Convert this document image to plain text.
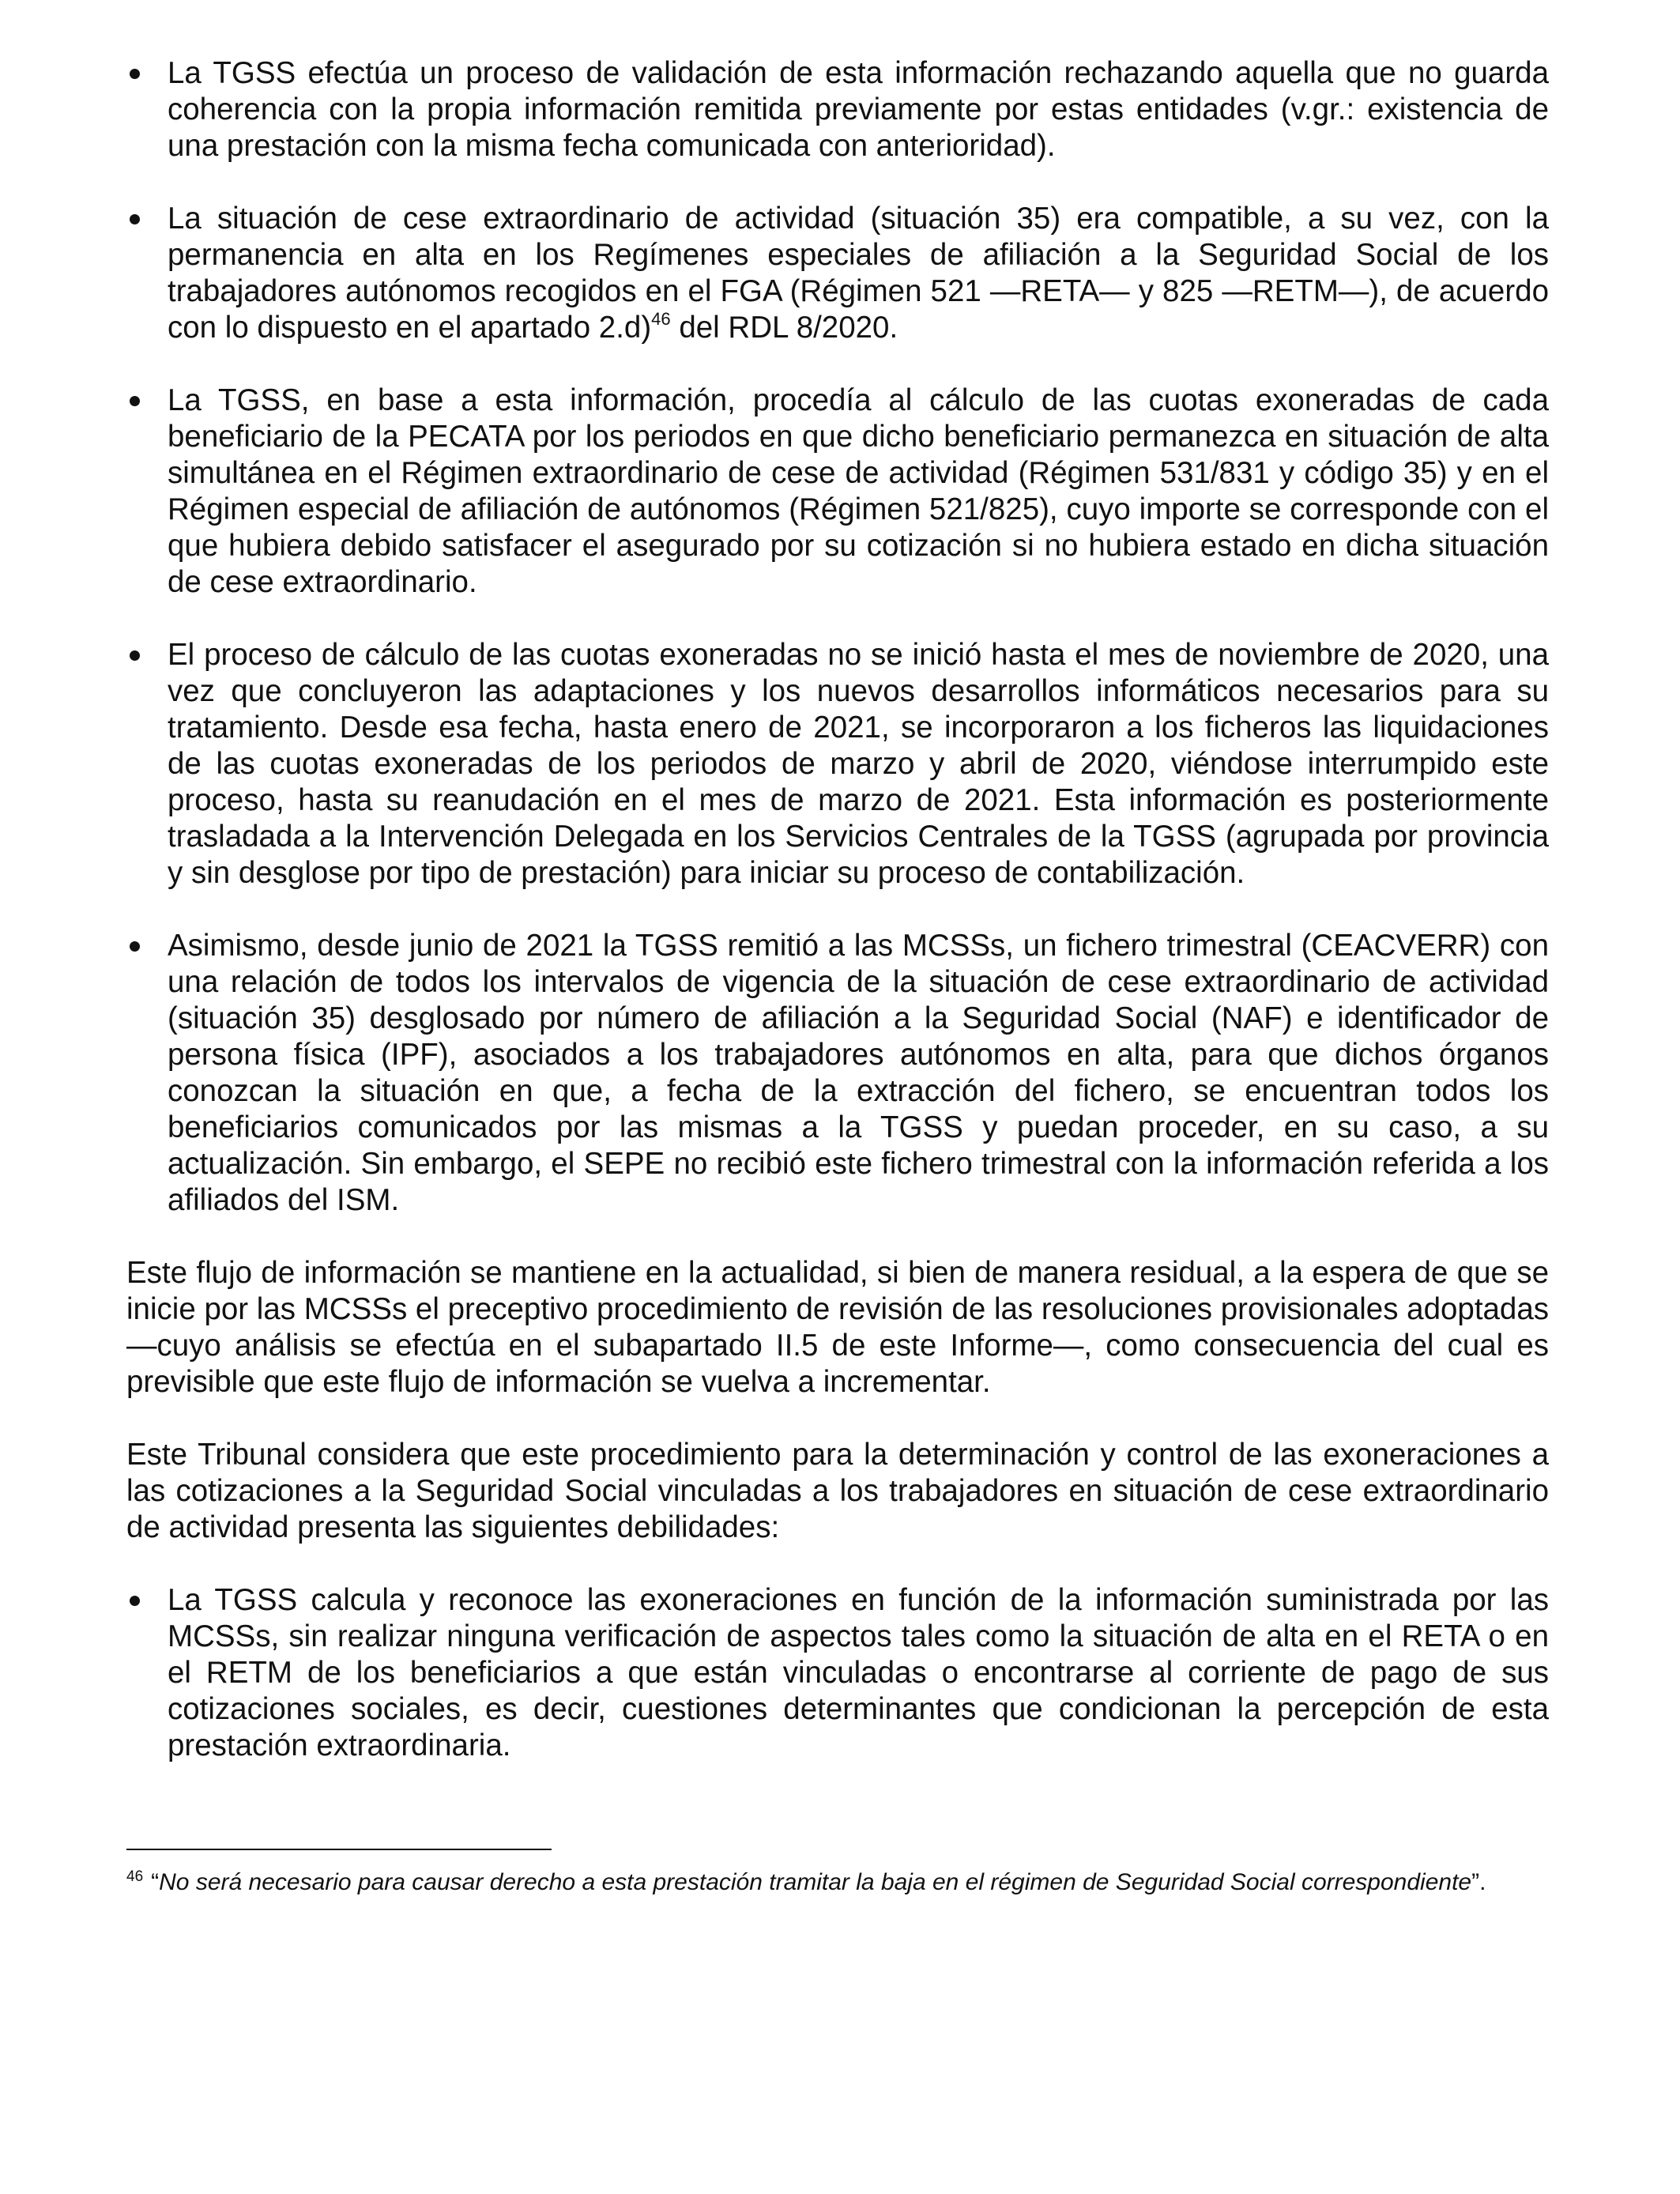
La TGSS efectúa un proceso de validación de esta información rechazando aquella que no guarda coherencia con la propia información remitida previamente por estas entidades (v.gr.: existencia de una prestación con la misma fecha comunicada con anterioridad).

La situación de cese extraordinario de actividad (situación 35) era compatible, a su vez, con la permanencia en alta en los Regímenes especiales de afiliación a la Seguridad Social de los trabajadores autónomos recogidos en el FGA (Régimen 521 —RETA— y 825 —RETM—), de acuerdo con lo dispuesto en el apartado 2.d)$^{46}$ del RDL 8/2020.

La TGSS, en base a esta información, procedía al cálculo de las cuotas exoneradas de cada beneficiario de la PECATA por los periodos en que dicho beneficiario permanezca en situación de alta simultánea en el Régimen extraordinario de cese de actividad (Régimen 531/831 y código 35) y en el Régimen especial de afiliación de autónomos (Régimen 521/825), cuyo importe se corresponde con el que hubiera debido satisfacer el asegurado por su cotización si no hubiera estado en dicha situación de cese extraordinario.

El proceso de cálculo de las cuotas exoneradas no se inició hasta el mes de noviembre de 2020, una vez que concluyeron las adaptaciones y los nuevos desarrollos informáticos necesarios para su tratamiento. Desde esa fecha, hasta enero de 2021, se incorporaron a los ficheros las liquidaciones de las cuotas exoneradas de los periodos de marzo y abril de 2020, viéndose interrumpido este proceso, hasta su reanudación en el mes de marzo de 2021. Esta información es posteriormente trasladada a la Intervención Delegada en los Servicios Centrales de la TGSS (agrupada por provincia y sin desglose por tipo de prestación) para iniciar su proceso de contabilización.

Asimismo, desde junio de 2021 la TGSS remitió a las MCSSs, un fichero trimestral (CEACVERR) con una relación de todos los intervalos de vigencia de la situación de cese extraordinario de actividad (situación 35) desglosado por número de afiliación a la Seguridad Social (NAF) e identificador de persona física (IPF), asociados a los trabajadores autónomos en alta, para que dichos órganos conozcan la situación en que, a fecha de la extracción del fichero, se encuentran todos los beneficiarios comunicados por las mismas a la TGSS y puedan proceder, en su caso, a su actualización. Sin embargo, el SEPE no recibió este fichero trimestral con la información referida a los afiliados del ISM.

Este flujo de información se mantiene en la actualidad, si bien de manera residual, a la espera de que se inicie por las MCSSs el preceptivo procedimiento de revisión de las resoluciones provisionales adoptadas —cuyo análisis se efectúa en el subapartado II.5 de este Informe—, como consecuencia del cual es previsible que este flujo de información se vuelva a incrementar.

Este Tribunal considera que este procedimiento para la determinación y control de las exoneraciones a las cotizaciones a la Seguridad Social vinculadas a los trabajadores en situación de cese extraordinario de actividad presenta las siguientes debilidades:

La TGSS calcula y reconoce las exoneraciones en función de la información suministrada por las MCSSs, sin realizar ninguna verificación de aspectos tales como la situación de alta en el RETA o en el RETM de los beneficiarios a que están vinculadas o encontrarse al corriente de pago de sus cotizaciones sociales, es decir, cuestiones determinantes que condicionan la percepción de esta prestación extraordinaria.

$^{46}$ “No será necesario para causar derecho a esta prestación tramitar la baja en el régimen de Seguridad Social correspondiente”.
